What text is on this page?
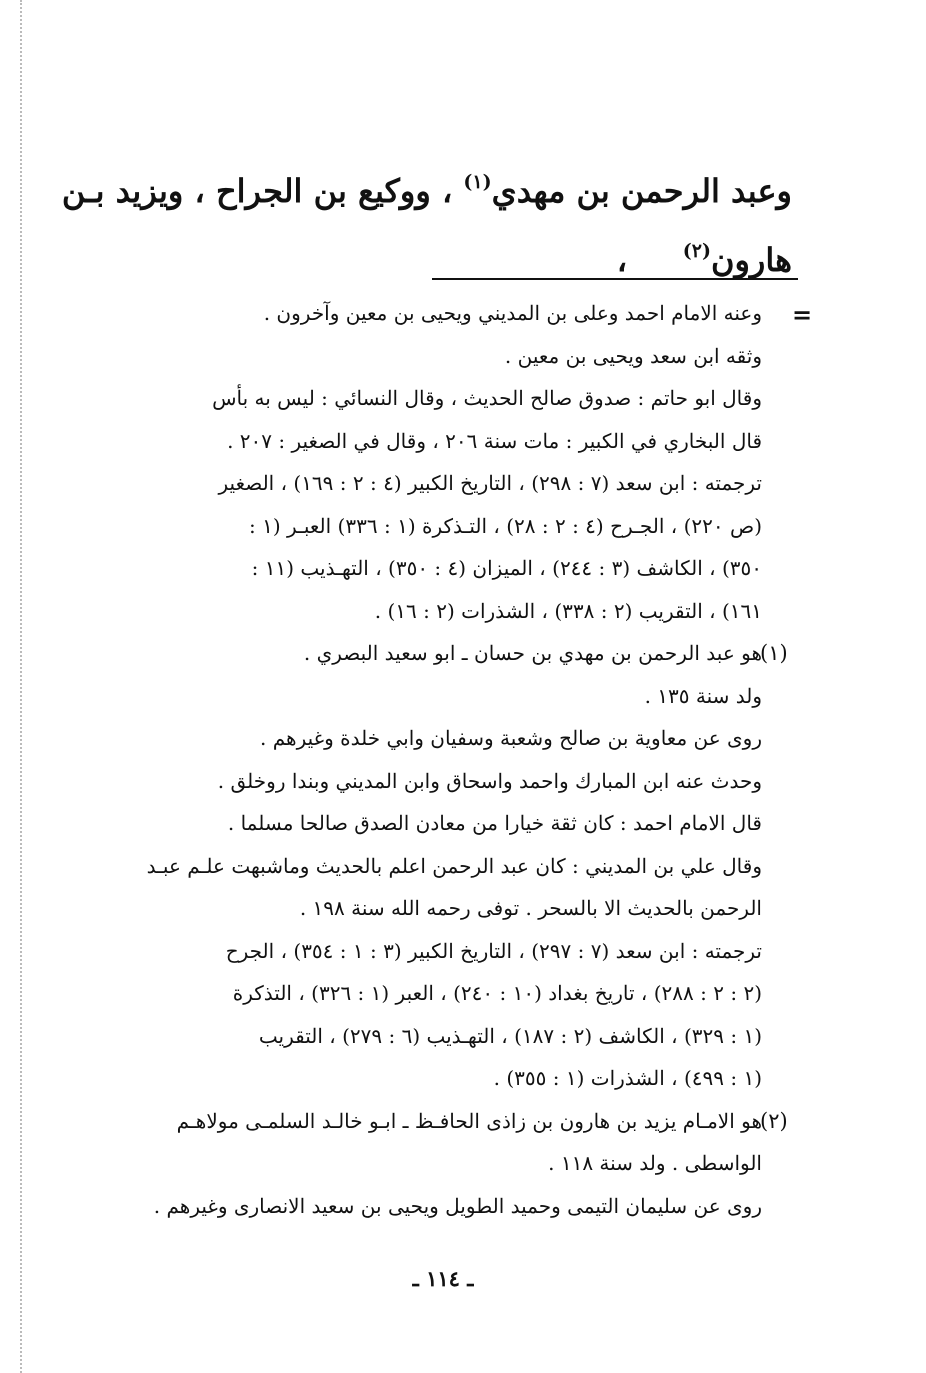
وعبد الرحمن بن مهدي$^{(١)}$ ، ووكيع بن الجراح ، ويزيد بـن

هارون$^{(٢)}$     ،

=
وعنه الامام احمد وعلى بن المديني ويحيى بن معين وآخرون .
وثقه ابن سعد ويحيى بن معين .
وقال ابو حاتم : صدوق صالح الحديث ، وقال النسائي : ليس به بأس
قال البخاري في الكبير : مات سنة ٢٠٦ ، وقال في الصغير : ٢٠٧ .
ترجمته : ابن سعد (٧ : ٢٩٨) ، التاريخ الكبير (٤ : ٢ : ١٦٩) ، الصغير
(ص ٢٢٠) ، الجـرح (٤ : ٢ : ٢٨) ، التـذكرة (١ : ٣٣٦) العبـر (١ :
٣٥٠) ، الكاشف (٣ : ٢٤٤) ، الميزان (٤ : ٣٥٠) ، التهـذيب (١١ :
١٦١) ، التقريب (٢ : ٣٣٨) ، الشذرات (٢ : ١٦) .
هو عبد الرحمن بن مهدي بن حسان ـ ابو سعيد البصري .
ولد سنة ١٣٥ .
روى عن معاوية بن صالح وشعبة وسفيان وابي خلدة وغيرهم .
وحدث عنه ابن المبارك واحمد واسحاق وابن المديني وبندا روخلق .
قال الامام احمد : كان ثقة خيارا من معادن الصدق صالحا مسلما .
وقال علي بن المديني : كان عبد الرحمن اعلم بالحديث وماشبهت علـم عبـد
الرحمن بالحديث الا بالسحر . توفى رحمه الله سنة ١٩٨ .
ترجمته : ابن سعد (٧ : ٢٩٧) ، التاريخ الكبير (٣ : ١ : ٣٥٤) ، الجرح
(٢ : ٢ : ٢٨٨) ، تاريخ بغداد (١٠ : ٢٤٠) ، العبر (١ : ٣٢٦) ، التذكرة
(١ : ٣٢٩) ، الكاشف (٢ : ١٨٧) ، التهـذيب (٦ : ٢٧٩) ، التقريب
(١ : ٤٩٩) ، الشذرات (١ : ٣٥٥) .
هو الامـام يزيد بن هارون بن زاذى الحافـظ ـ ابـو خالـد السلمـى مولاهـم
الواسطى . ولد سنة ١١٨ .
روى عن سليمان التيمى وحميد الطويل ويحيى بن سعيد الانصارى وغيرهم .
(١)
(٢)
ـ ١١٤ ـ
